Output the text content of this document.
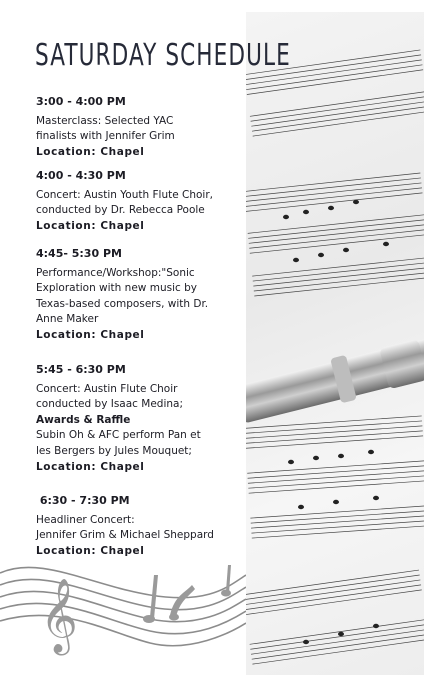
SATURDAY SCHEDULE
3:00 - 4:00 PM
Masterclass: Selected YAC
finalists with Jennifer Grim
Location: Chapel
4:00 - 4:30 PM
Concert: Austin Youth Flute Choir,
conducted by Dr. Rebecca Poole
Location: Chapel
4:45- 5:30 PM
Performance/Workshop:"Sonic
Exploration with new music by
Texas-based composers, with Dr.
Anne Maker
Location: Chapel
5:45 - 6:30 PM
Concert: Austin Flute Choir
conducted by Isaac Medina;
Awards & Raffle
Subin Oh & AFC perform Pan et
les Bergers by Jules Mouquet;
Location: Chapel
6:30 - 7:30 PM
Headliner Concert:
Jennifer Grim & Michael Sheppard
Location: Chapel
𝄞
